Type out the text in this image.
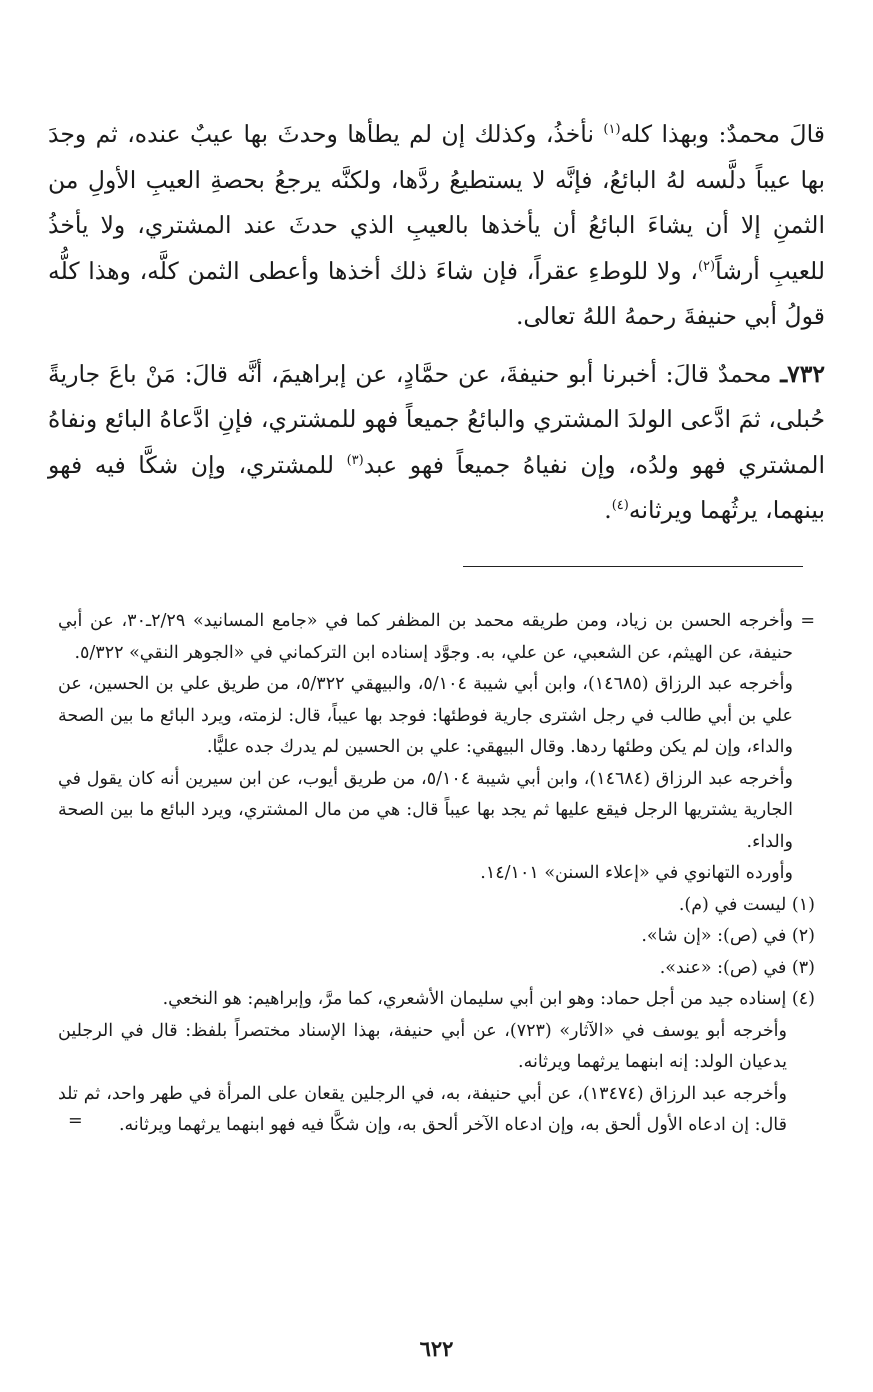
قالَ محمدٌ: وبهذا كله$^{(١)}$ نأخذُ، وكذلك إن لم يطأها وحدثَ بها عيبٌ عنده، ثم وجدَ بها عيباً دلَّسه لهُ البائعُ، فإنَّه لا يستطيعُ ردَّها، ولكنَّه يرجعُ بحصةِ العيبِ الأولِ من الثمنِ إلا أن يشاءَ البائعُ أن يأخذها بالعيبِ الذي حدثَ عند المشتري، ولا يأخذُ للعيبِ أرشاً$^{(٢)}$، ولا للوطءِ عقراً، فإن شاءَ ذلك أخذها وأعطى الثمن كلَّه، وهذا كلُّه قولُ أبي حنيفةَ رحمهُ اللهُ تعالى.

٧٣٢ـ محمدٌ قالَ: أخبرنا أبو حنيفةَ، عن حمَّادٍ، عن إبراهيمَ، أنَّه قالَ: مَنْ باعَ جاريةً حُبلى، ثمَ ادَّعى الولدَ المشتري والبائعُ جميعاً فهو للمشتري، فإنِ ادَّعاهُ البائع ونفاهُ المشتري فهو ولدُه، وإن نفياهُ جميعاً فهو عبد$^{(٣)}$ للمشتري، وإن شكَّا فيه فهو بينهما، يرثُهما ويرثانه$^{(٤)}$.

=

وأخرجه الحسن بن زياد، ومن طريقه محمد بن المظفر كما في «جامع المسانيد» ٢/٢٩ـ٣٠، عن أبي حنيفة، عن الهيثم، عن الشعبي، عن علي، به. وجوَّد إسناده ابن التركماني في «الجوهر النقي» ٥/٣٢٢.

وأخرجه عبد الرزاق (١٤٦٨٥)، وابن أبي شيبة ٥/١٠٤، والبيهقي ٥/٣٢٢، من طريق علي بن الحسين، عن علي بن أبي طالب في رجل اشترى جارية فوطئها: فوجد بها عيباً، قال: لزمته، ويرد البائع ما بين الصحة والداء، وإن لم يكن وطئها ردها. وقال البيهقي: علي بن الحسين لم يدرك جده عليًّا.

وأخرجه عبد الرزاق (١٤٦٨٤)، وابن أبي شيبة ٥/١٠٤، من طريق أيوب، عن ابن سيرين أنه كان يقول في الجارية يشتريها الرجل فيقع عليها ثم يجد بها عيباً قال: هي من مال المشتري، ويرد البائع ما بين الصحة والداء.

وأورده التهانوي في «إعلاء السنن» ١٤/١٠١.

(١) ليست في (م).

(٢) في (ص): «إن شا».

(٣) في (ص): «عند».

(٤) إسناده جيد من أجل حماد: وهو ابن أبي سليمان الأشعري، كما مرَّ، وإبراهيم: هو النخعي.

وأخرجه أبو يوسف في «الآثار» (٧٢٣)، عن أبي حنيفة، بهذا الإسناد مختصراً بلفظ: قال في الرجلين يدعيان الولد: إنه ابنهما يرثهما ويرثانه.

وأخرجه عبد الرزاق (١٣٤٧٤)، عن أبي حنيفة، به، في الرجلين يقعان على المرأة في طهر واحد، ثم تلد قال: إن ادعاه الأول ألحق به، وإن ادعاه الآخر ألحق به، وإن شكَّا فيه فهو ابنهما يرثهما ويرثانه.

=
٦٢٢
